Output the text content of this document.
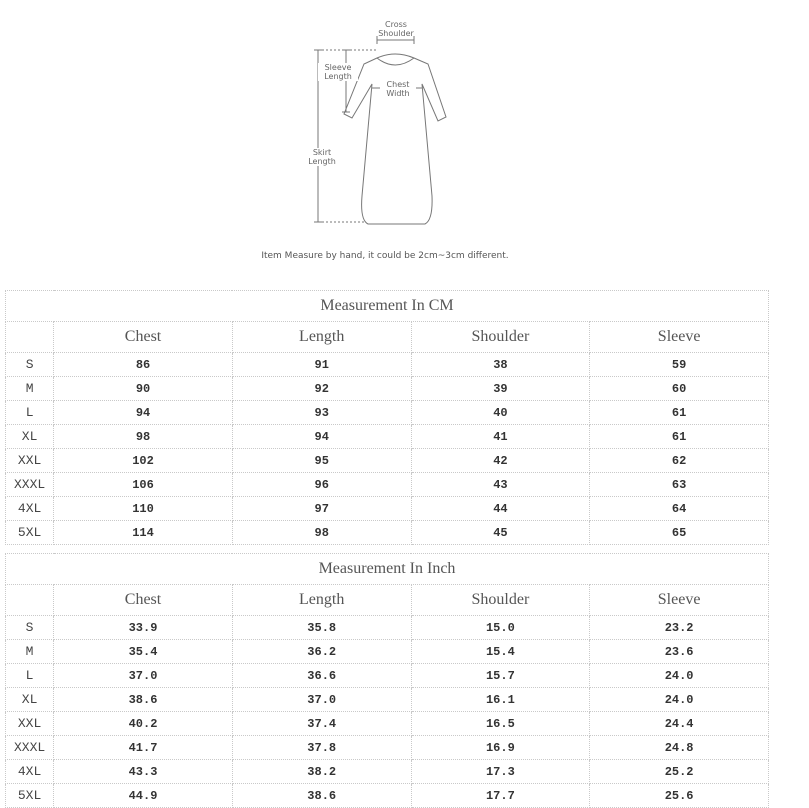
Cross
Shoulder
Sleeve
Length
Chest
Width
Skirt
Length
Item Measure by hand, it could be 2cm~3cm different.
Measurement In CM				
	Chest	Length	Shoulder	Sleeve
S	86	91	38	59
M	90	92	39	60
L	94	93	40	61
XL	98	94	41	61
XXL	102	95	42	62
XXXL	106	96	43	63
4XL	110	97	44	64
5XL	114	98	45	65
Measurement In Inch				
	Chest	Length	Shoulder	Sleeve
S	33.9	35.8	15.0	23.2
M	35.4	36.2	15.4	23.6
L	37.0	36.6	15.7	24.0
XL	38.6	37.0	16.1	24.0
XXL	40.2	37.4	16.5	24.4
XXXL	41.7	37.8	16.9	24.8
4XL	43.3	38.2	17.3	25.2
5XL	44.9	38.6	17.7	25.6
